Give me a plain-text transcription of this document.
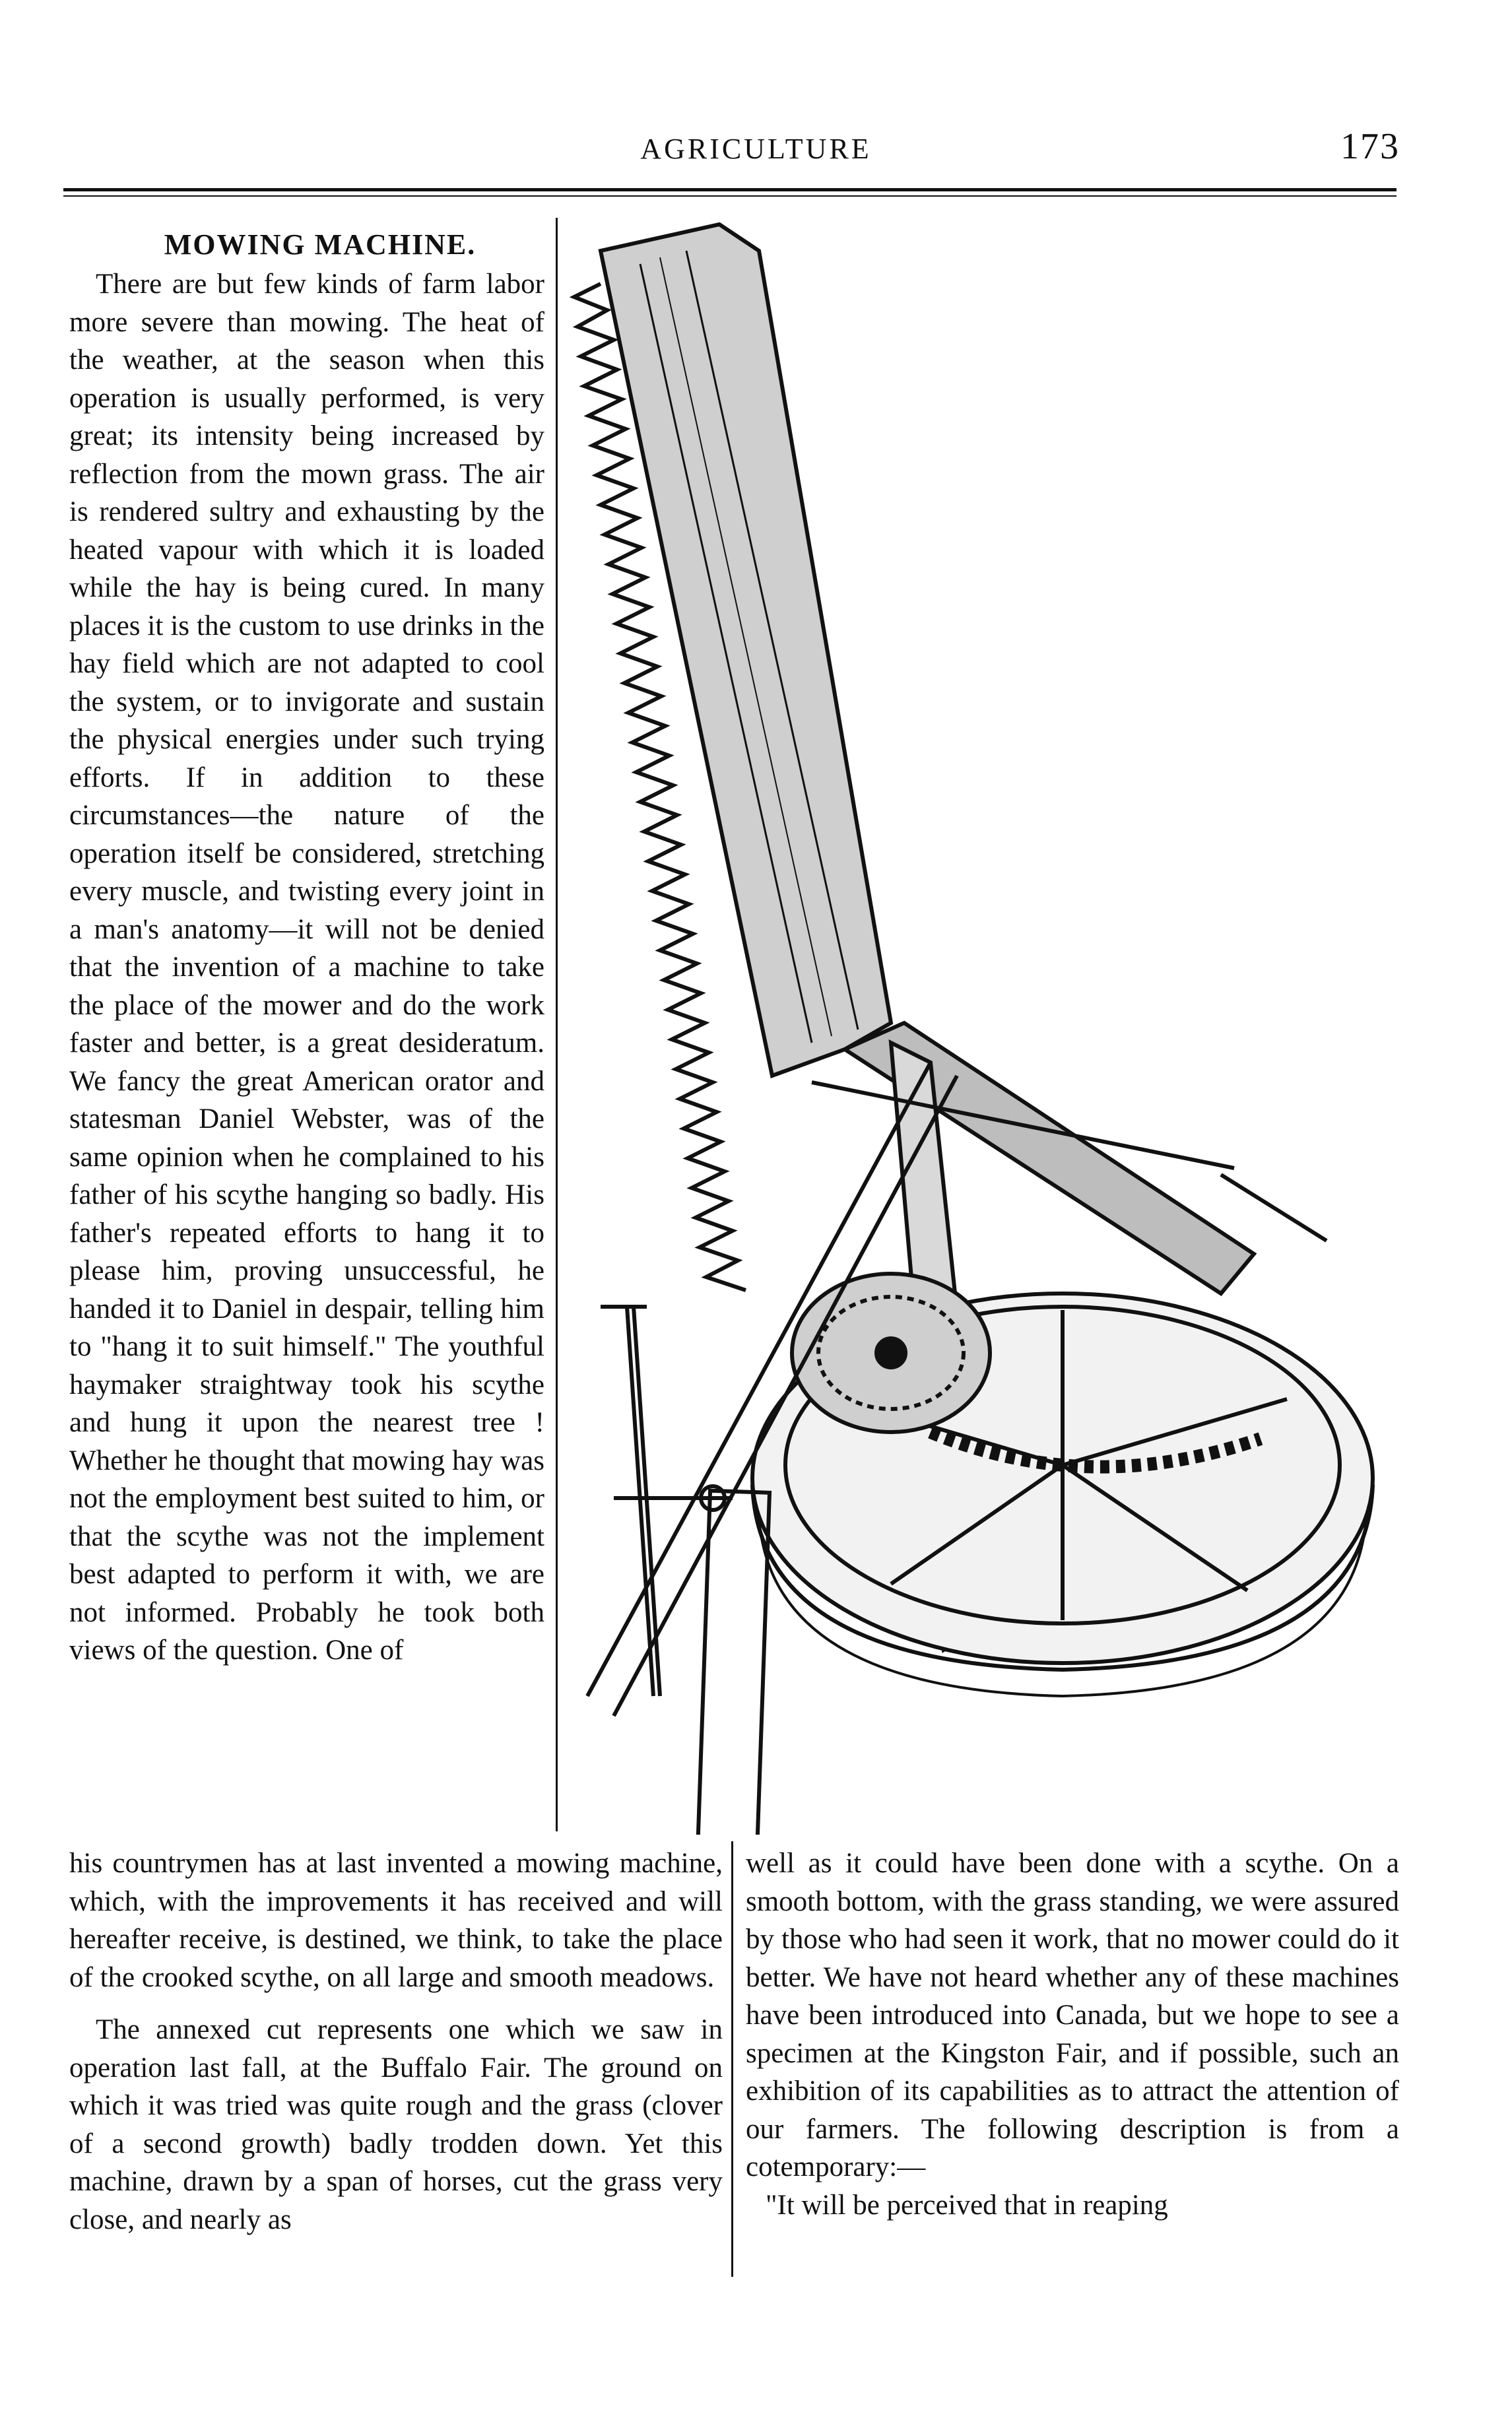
AGRICULTURE	173
MOWING MACHINE.

There are but few kinds of farm labor more severe than mowing. The heat of the weather, at the season when this operation is usually performed, is very great; its intensity being increased by reflection from the mown grass. The air is rendered sultry and exhausting by the heated vapour with which it is loaded while the hay is being cured. In many places it is the custom to use drinks in the hay field which are not adapted to cool the system, or to invigorate and sustain the physical energies under such trying efforts. If in addition to these circumstances—the nature of the operation itself be considered, stretching every muscle, and twisting every joint in a man's anatomy—it will not be denied that the invention of a machine to take the place of the mower and do the work faster and better, is a great desideratum. We fancy the great American orator and statesman Daniel Webster, was of the same opinion when he complained to his father of his scythe hanging so badly. His father's repeated efforts to hang it to please him, proving unsuccessful, he handed it to Daniel in despair, telling him to "hang it to suit himself." The youthful haymaker straightway took his scythe and hung it upon the nearest tree ! Whether he thought that mowing hay was not the employment best suited to him, or that the scythe was not the implement best adapted to perform it with, we are not informed. Probably he took both views of the question. One of

his countrymen has at last invented a mowing machine, which, with the improvements it has received and will hereafter receive, is destined, we think, to take the place of the crooked scythe, on all large and smooth meadows.

The annexed cut represents one which we saw in operation last fall, at the Buffalo Fair. The ground on which it was tried was quite rough and the grass (clover of a second growth) badly trodden down. Yet this machine, drawn by a span of horses, cut the grass very close, and nearly as

well as it could have been done with a scythe. On a smooth bottom, with the grass standing, we were assured by those who had seen it work, that no mower could do it better. We have not heard whether any of these machines have been introduced into Canada, but we hope to see a specimen at the Kingston Fair, and if possible, such an exhibition of its capabilities as to attract the attention of our farmers. The following description is from a cotemporary:—

"It will be perceived that in reaping
